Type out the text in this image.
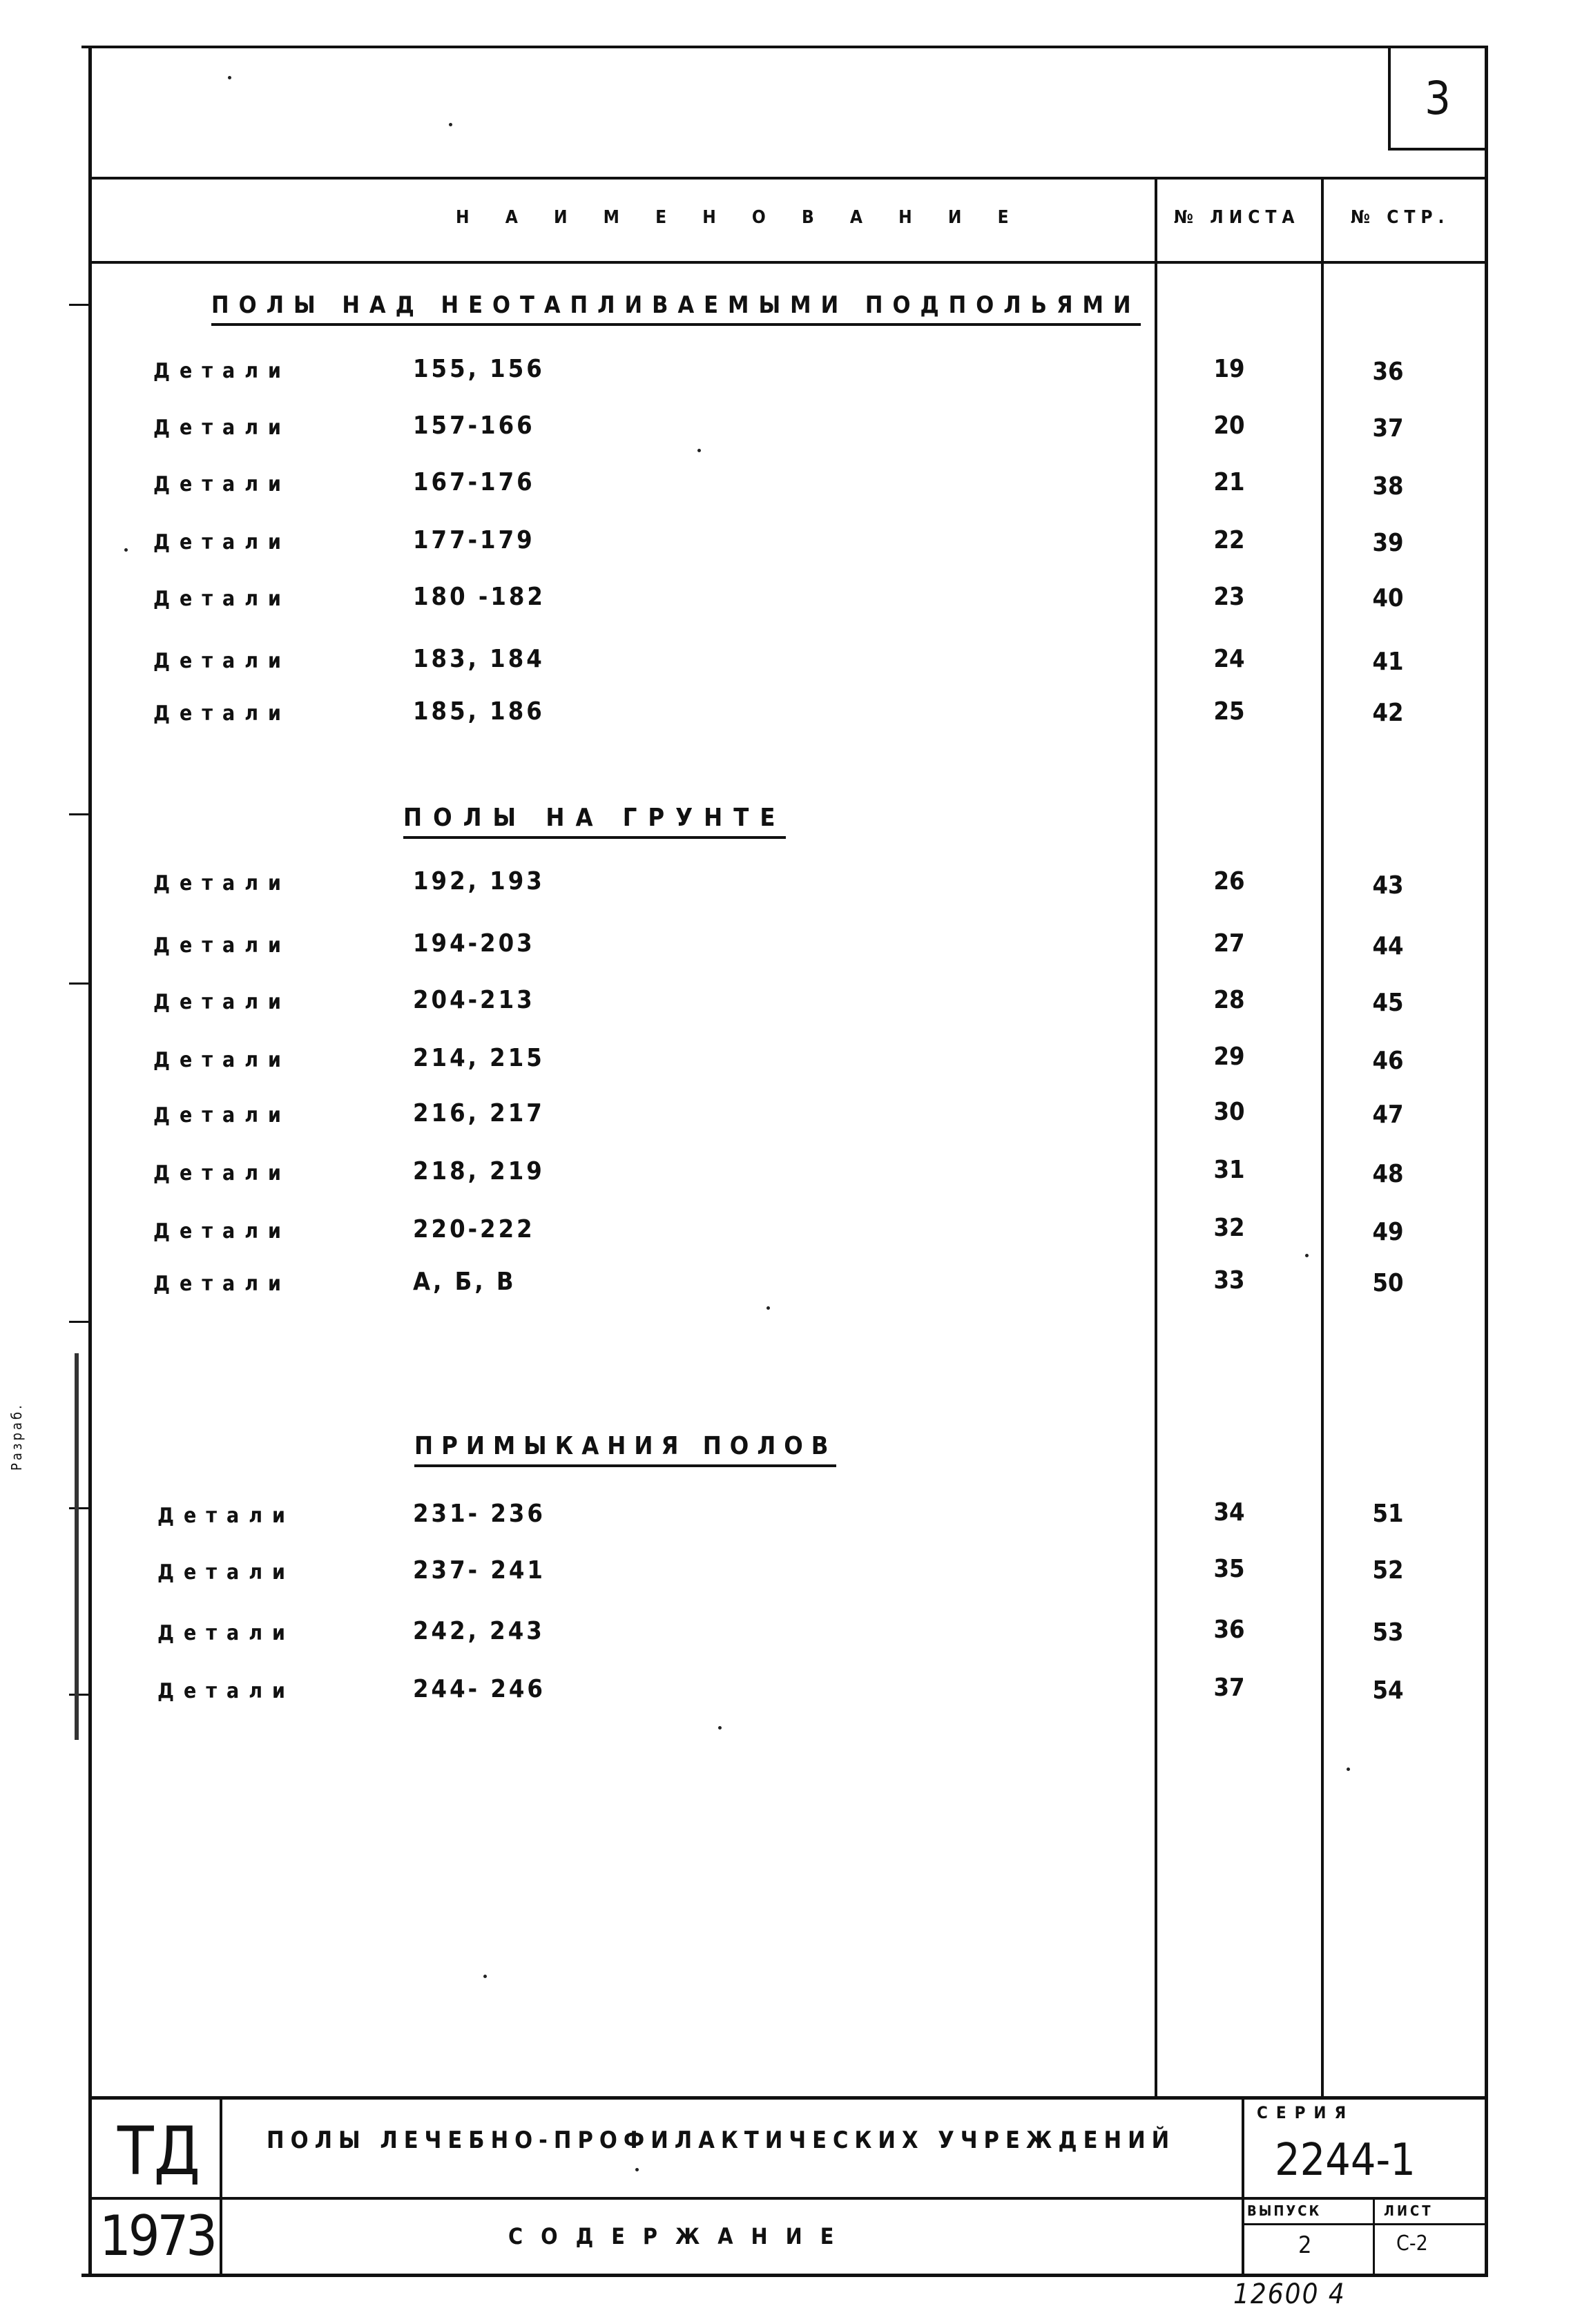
Разраб.
3
Н А И М Е Н О В А Н И Е	№ ЛИСТА	№ СТР.
ПОЛЫ НАД НЕОТАПЛИВАЕМЫМИ ПОДПОЛЬЯМИ
Детали	155, 156	19	36
Детали	157-166	20	37
Детали	167-176	21	38
Детали	177-179	22	39
Детали	180 -182	23	40
Детали	183, 184	24	41
Детали	185, 186	25	42
ПОЛЫ НА ГРУНТЕ
Детали	192, 193	26	43
Детали	194-203	27	44
Детали	204-213	28	45
Детали	214, 215	29	46
Детали	216, 217	30	47
Детали	218, 219	31	48
Детали	220-222	32	49
Детали	А, Б, В	33	50
ПРИМЫКАНИЯ ПОЛОВ
Детали	231- 236	34	51
Детали	237- 241	35	52
Детали	242, 243	36	53
Детали	244- 246	37	54
ТД
1973
ПОЛЫ ЛЕЧЕБНО-ПРОФИЛАКТИЧЕСКИХ УЧРЕЖДЕНИЙ
СОДЕРЖАНИЕ
СЕРИЯ
2244-1
ВЫПУСК
2
ЛИСТ
С-2
12600 4
